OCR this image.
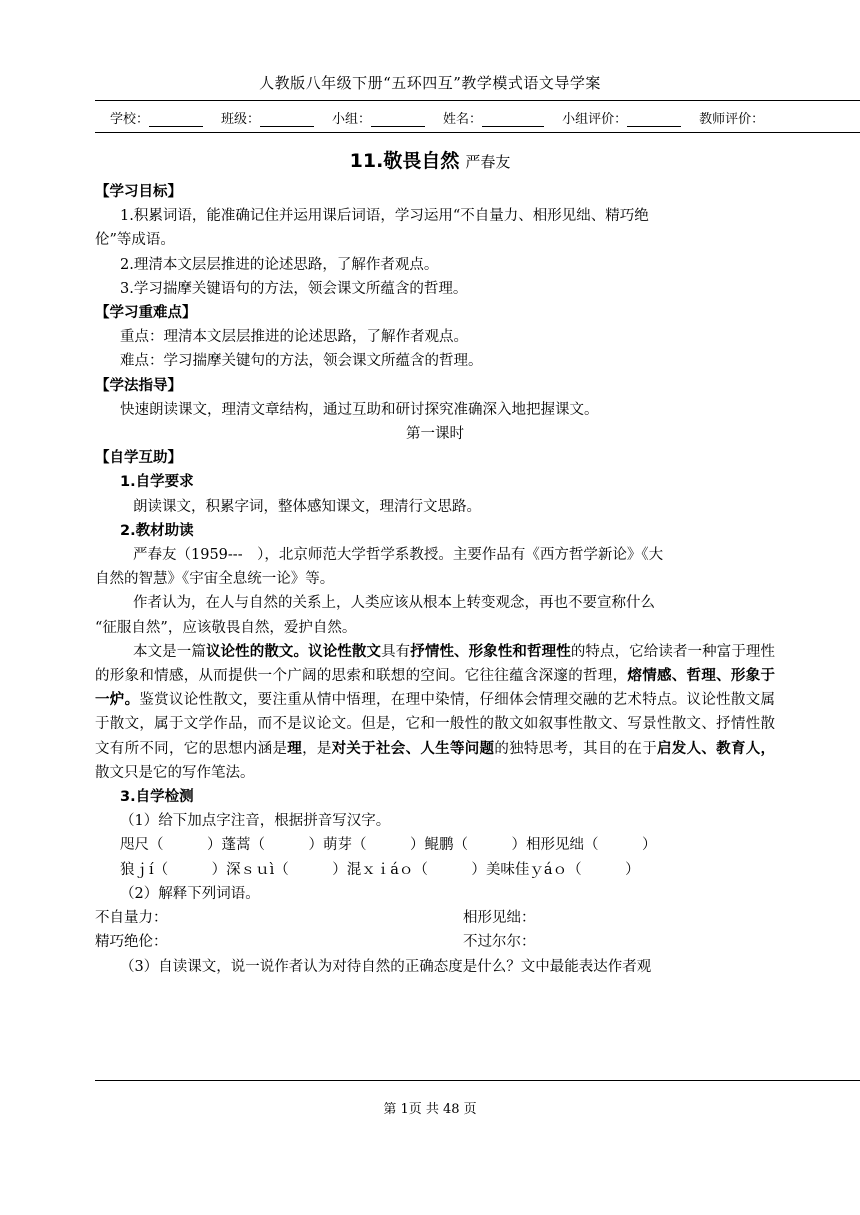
人教版八年级下册“五环四互”教学模式语文导学案
学校：	班级：	小组：	姓名：	小组评价：	教师评价：
11.敬畏自然 严春友

【学习目标】

1.积累词语，能准确记住并运用课后词语，学习运用“不自量力、相形见绌、精巧绝

伦”等成语。

2.理清本文层层推进的论述思路，了解作者观点。

3.学习揣摩关键语句的方法，领会课文所蕴含的哲理。

【学习重难点】

重点：理清本文层层推进的论述思路，了解作者观点。

难点：学习揣摩关键句的方法，领会课文所蕴含的哲理。

【学法指导】

快速朗读课文，理清文章结构，通过互助和研讨探究准确深入地把握课文。

第一课时

【自学互助】

1.自学要求

朗读课文，积累字词，整体感知课文，理清行文思路。

2.教材助读

严春友（1959---　），北京师范大学哲学系教授。主要作品有《西方哲学新论》《大

自然的智慧》《宇宙全息统一论》等。

作者认为，在人与自然的关系上，人类应该从根本上转变观念，再也不要宣称什么

“征服自然”，应该敬畏自然，爱护自然。

本文是一篇议论性的散文。议论性散文具有抒情性、形象性和哲理性的特点，它给读者一种富于理性的形象和情感，从而提供一个广阔的思索和联想的空间。它往往蕴含深邃的哲理，熔情感、哲理、形象于一炉。鉴赏议论性散文，要注重从情中悟理，在理中染情，仔细体会情理交融的艺术特点。议论性散文属于散文，属于文学作品，而不是议论文。但是，它和一般性的散文如叙事性散文、写景性散文、抒情性散文有所不同，它的思想内涵是理，是对关于社会、人生等问题的独特思考，其目的在于启发人、教育人，散文只是它的写作笔法。

3.自学检测

（1）给下加点字注音，根据拼音写汉字。

咫尺（　　　）蓬蒿（　　　）萌芽（　　　）鲲鹏（　　　）相形见绌（　　　）

狼ｊí（　　　）深ｓｕì（　　　）混ｘｉáｏ（　　　）美味佳ｙáｏ（　　　）

（2）解释下列词语。

不自量力：	相形见绌：

精巧绝伦：	不过尔尔：

（3）自读课文，说一说作者认为对待自然的正确态度是什么？文中最能表达作者观

第 1页 共 48 页
